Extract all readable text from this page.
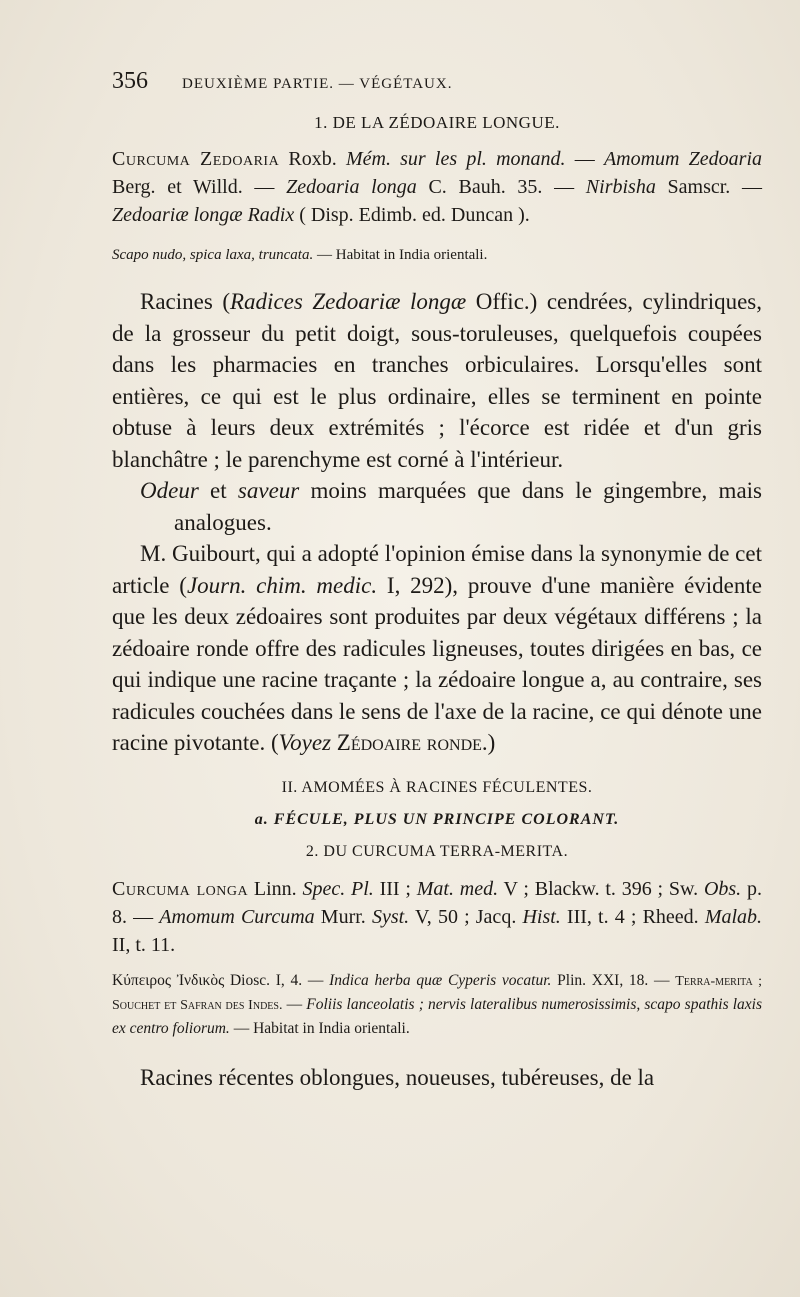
356	DEUXIÈME PARTIE. — VÉGÉTAUX.
1. DE LA ZÉDOAIRE LONGUE.
Curcuma Zedoaria Roxb. Mém. sur les pl. monand. — Amomum Zedoaria Berg. et Willd. — Zedoaria longa C. Bauh. 35. — Nirbisha Samscr. — Zedoariæ longæ Radix ( Disp. Edimb. ed. Duncan ).
Scapo nudo, spica laxa, truncata. — Habitat in India orientali.

Racines (Radices Zedoariæ longæ Offic.) cendrées, cylindriques, de la grosseur du petit doigt, sous-toruleuses, quelquefois coupées dans les pharmacies en tranches orbiculaires. Lorsqu'elles sont entières, ce qui est le plus ordinaire, elles se terminent en pointe obtuse à leurs deux extrémités ; l'écorce est ridée et d'un gris blanchâtre ; le parenchyme est corné à l'intérieur.

Odeur et saveur moins marquées que dans le gingembre, mais analogues.

M. Guibourt, qui a adopté l'opinion émise dans la synonymie de cet article (Journ. chim. medic. I, 292), prouve d'une manière évidente que les deux zédoaires sont produites par deux végétaux différens ; la zédoaire ronde offre des radicules ligneuses, toutes dirigées en bas, ce qui indique une racine traçante ; la zédoaire longue a, au contraire, ses radicules couchées dans le sens de l'axe de la racine, ce qui dénote une racine pivotante. (Voyez Zédoaire ronde.)

II. AMOMÉES À RACINES FÉCULENTES.
a. FÉCULE, PLUS UN PRINCIPE COLORANT.
2. DU CURCUMA TERRA-MERITA.
Curcuma longa Linn. Spec. Pl. III ; Mat. med. V ; Blackw. t. 396 ; Sw. Obs. p. 8. — Amomum Curcuma Murr. Syst. V, 50 ; Jacq. Hist. III, t. 4 ; Rheed. Malab. II, t. 11.
Κύπειρος Ἰνδικὸς Diosc. I, 4. — Indica herba quæ Cyperis vocatur. Plin. XXI, 18. — Terra-merita ; Souchet et Safran des Indes. — Foliis lanceolatis ; nervis lateralibus numerosissimis, scapo spathis laxis ex centro foliorum. — Habitat in India orientali.

Racines récentes oblongues, noueuses, tubéreuses, de la
